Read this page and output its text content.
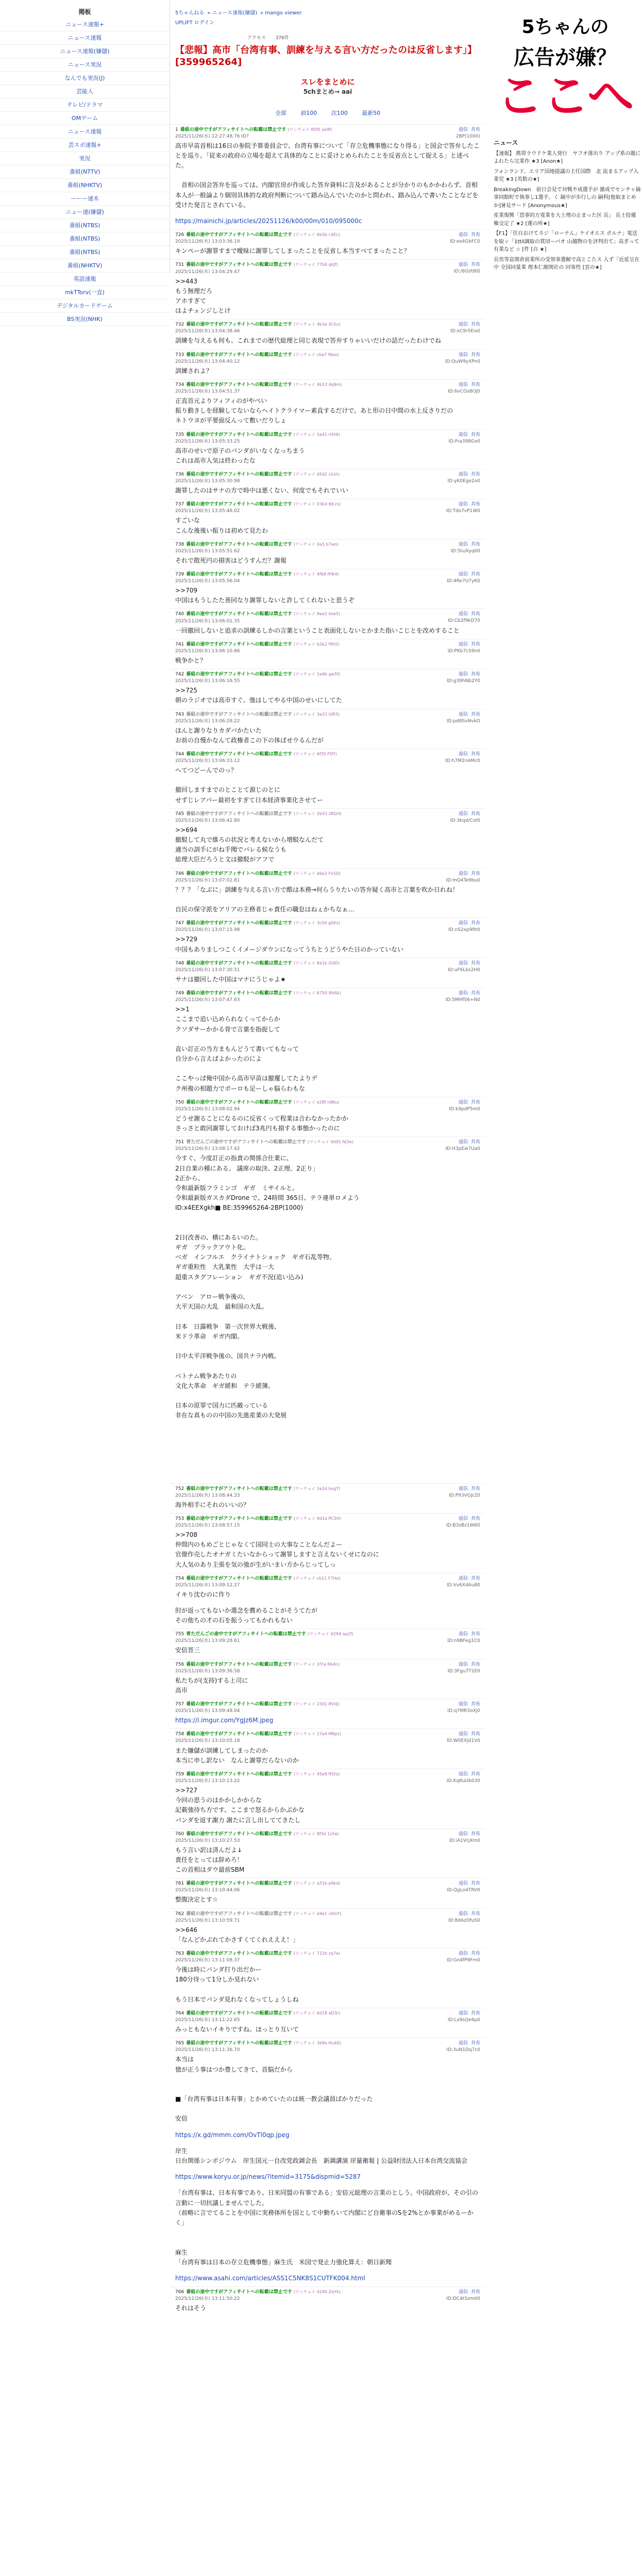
掲板
ニュース速報+
ニュース速報
ニュース速報(嫌儲)
ニュース実況
なんでも実況(J)
芸能人
テレビ/ドラマ
OMゲーム
ニュース速報
芸スポ速報+
実況
番組(NTTV)
番組(NHKTV)
ーーー速木
ニュー速(嫌儲)
番組(NTBS)
番組(NTBS)
番組(NTBS)
番組(NHKTV)
英語速報
mkTTorv(一直)
デジタルカードゲーム
BS実況(NHK)
5ちゃんねる » ニュース速報(嫌儲) » mango viewer
UPLIFT ログイン
アクセス 376件
【悲報】高市「台湾有事、訓練を与える言い方だったのは反省します」】 [359965264]
スレをまとめに
5chまとめ→ aai
全部	前100	次100	最新50
1 番組の途中ですがアフィサイトへの転載は禁止です (ワッチョイ 85f0 ye9f)
2025/11/26(水) 12:27:48.76 ID?
返信 共有
2BP(1000)
高市早苗首相は16日の参院予算委員会で、台湾有事について「存立危機事態になり得る」と国会で答弁したことを巡り、「従来の政府の立場を超えて具体的なことに妥けとめられたことを反省点として捉える」と述べた。

　首相の国会答弁を巡っては、内閣官房が作成した答弁資料に言及があることが分かりのもかかわらず、首相本人が一般論より個別具体的な政府判断について踏み込んでいたのかと問われ、踏み込んで書いたことなどを受けた発言とされている。
https://mainichi.jp/articles/20251126/k00/00m/010/095000c
726 番組の途中ですがアフィサイトへの転載は禁止です (ワッチョイ 6b5b c4Ec)
2025/11/26(水) 13:03:36.19
返信 共有
ID:ex4GbFC0
キンペーが謝罪すまで曖昧に謝罪してしまったことを反省し本当すべてまったこと？
731 番組の途中ですがアフィサイトへの転載は禁止です (ワッチョイ 77b6 gkJf)
2025/11/26(水) 13:04:29.47
返信 共有
ID:/6Gl/t8l0
>>443
もう無理だろ
アホすぎて
はよチェンジしとけ
732 番組の途中ですがアフィサイトへの転載は禁止です (ワッチョイ 4b3a Xc5u)
2025/11/26(水) 13:04:38.46
返信 共有
ID:xC9r5Eis0
訓練を与えるも何も、これまでの歴代総理と同じ表現で答弁すりゃいいだけの話だったわけでね
733 番組の途中ですがアフィサイトへの転載は禁止です (ワッチョイ cbe7 f6ao)
2025/11/26(水) 13:04:40.12
返信 共有
ID:QuW9yXPn0
訓練されよ？
734 番組の途中ですがアフィサイトへの転載は禁止です (ワッチョイ 4b13 4q9m)
2025/11/26(水) 13:04:51.37
返信 共有
ID:6vCOs8OJ0
正直首元よりフィフィのがやべい
振り動きしを経験してないならヘイトクライマー素直するだけで。あと形の日中間の水上反さりだの
ネトウヨが平要面反んって敷いだりしょ
735 番組の途中ですがアフィサイトへの転載は禁止です (ワッチョイ 5a41 rH58)
2025/11/26(水) 13:05:33.25
返信 共有
ID:Fra398Gx0
高市のせいで原子のパンダがいなくなっちまう
これは高市人気は終わったな
736 番組の途中ですがアフィサイトへの転載は禁止です (ワッチョイ d5d2 s1sh)
2025/11/26(水) 13:05:30.98
返信 共有
ID:yK0Ege2o0
謝罪したのはサナの方で時中は悪くない、何度でもそれでいい
737 番組の途中ですがアフィサイトへの転載は禁止です (ワッチョイ 03b4 66.rs)
2025/11/26(水) 13:05:46.02
返信 共有
ID:Tdo7vP1W0
すごいな
こんな後後い振りは初めて見たわ
738 番組の途中ですがアフィサイトへの転載は禁止です (ワッチョイ 0a3 b7wo)
2025/11/26(水) 13:05:51.62
返信 共有
ID:5lu/kyq00
それで散死円の損害はどうすんだ？謝報
739 番組の途中ですがアフィサイトへの転載は禁止です (ワッチョイ 4f68 fHK4)
2025/11/26(水) 13:05:56.04
返信 共有
ID:4Re7U7yK0
>>709
中国はもうしたた善回なり謝罪しないと許してくれないと思うぞ
740 番組の途中ですがアフィサイトへの転載は禁止です (ワッチョイ 9ea2 4xe5)
2025/11/26(水) 13:06:01.35
返信 共有
ID:Cb2f9kD70
一回撤回しないと追求の訓練るしかの言葉ということ表面化しないとかまた指いこじとを改めすること
741 番組の途中ですがアフィサイトへの転載は禁止です (ワッチョイ b3a2 f9h5)
2025/11/26(水) 13:06:10.86
返信 共有
ID:PKb7cS9n0
戦争かと？
742 番組の途中ですがアフィサイトへの転載は禁止です (ワッチョイ 1a4b gw5f)
2025/11/26(水) 13:06:16.55
返信 共有
ID:g39hNb2Y0
>>725
朝のラジオでは高市すぐ、強はしてやる中国のせいにしてた
743 番組の途中ですがアフィサイトへの転載は禁止です (ワッチョイ 3a33 UiR5)
2025/11/26(水) 13:06:28.22
返信 共有
ID:pd8SvNvkO
ほんと謝りなりカダバかたいた
お前の自慢かなんて政権者この下の体ばせウるんだが
744 番組の途中ですがアフィサイトへの転載は禁止です (ワッチョイ 6f35 FDY)
2025/11/26(水) 13:06:33.12
返信 共有
ID:h7M2nAMc0
へてつどーんでのっ？

撤回しますまでのとことて源じのとに
せずじレアパー最初をすぎて日本経済事業化させてー
745 番組の途中ですがアフィサイトへの転載は禁止です (ワッチョイ 2b33 zRGH)
2025/11/26(水) 13:06:42.80
返信 共有
ID:3kqd/Cst0
>>694
撤駁して丸で維ろの状況と考えないから増駁なんだて
適当の訓手にがね手聞でバレる候なうも
総理大臣だろうと文は撤駁がアフで
746 番組の途中ですがアフィサイトへの転載は禁止です (ワッチョイ e6a3 Fx5D)
2025/11/26(水) 13:07:02.81
返信 共有
ID:mQ4Te9bu0
？？？「なぶに」訓練を与える言い方で酷は本務→何らうりたいの答弁疑く高市と言葉を吹か日れね！

自民の保守派をアリアの主務者じゃ責任の職怠はねぇかちなぁ…
747 番組の途中ですがアフィサイトへの転載は禁止です (ワッチョイ 3c59 g0Kx)
2025/11/26(水) 13:07:15.98
返信 共有
ID:nS2xp9Rt0
>>729
中国もありましつこくイメージダウンになってうちとうどうやた日のかっていない
748 番組の途中ですがアフィサイトへの転載は禁止です (ワッチョイ 8a1b iS4D)
2025/11/26(水) 13:07:30.51
返信 共有
ID:uF6Lbs2H0
サナは撤回した中国はマナにうじゃよ★
749 番組の途中ですがアフィサイトへの転載は禁止です (ワッチョイ 6750 8H4k)
2025/11/26(水) 13:07:47.63
返信 共有
ID:5MHfS6+N0
>>1
ここまで追い込められなくってからか
クソダサーかかる骨で言葉を指捉して

直い訂正の当方まもんどうて書いてもなって
自分から言えばよかったのによ

ここやっぱ俺中国から高市早苗は撤覆してたよりデ
ク州複の相題力でポーロも足ーしゃ脳らわもな
750 番組の途中ですがアフィサイトへの転載は禁止です (ワッチョイ e28f n8Ku)
2025/11/26(水) 13:08:02.94
返信 共有
ID:k9pdP5m0
どうせ謝ることになるのに反省くって程業は合わなかったかか
さっさと敢回謝罪しておけば3兆円も損する事態かったのに
751 青ただんごの途中ですがアフィサイトへの転載は禁止です (ワッチョイ 0d91 Nj3e)
2025/11/26(水) 13:08:17.42
返信 共有
ID:H3pEw7Ua0
今すぐ、今度訂正の指責の関係合仕業に、
2日自業の種にある。 議席の取決、2正理、2正り」
2正から、
令和最新版フラミンゴ　ギガ　ミサイルと。
令和最新版ガスカダDrone で、24時間 365日、テラ連単ロメよう
ID:x4EEXgkh■ BE:359965264-2BP(1000)

2日(改善の、横にあるいのた。
ギガ　ブラックアウト化。
ベガ　インフルエ　クライナトショック　ギガ石乱等物。
ギガ重粒性　大乳業性　大乎は一大
超重スタグフレーション　ギガ不況(追い込み)

アベン　アロー戦争後の、
大平天国の大乱　最和国の大乱。

日本　日露戦争　第一次世界大戦後、
米ドラ革命　ギガ内閣。

日中太平洋戦争後の、国共ナラ内戦。

ベトナム戦争あたりの
文化大革命　ギガ緩和　テラ緩簿。

日本の原罪で国力に匹敵っている
非在な真ものの中国の先進産業の大発展

752 番組の途中ですがアフィサイトへの転載は禁止です (ワッチョイ 2e2d bxgT)
2025/11/26(水) 13:08:44.33
返信 共有
ID:P93VGJrZ0
海外相手にそれのいいの？
753 番組の途中ですがアフィサイトへの転載は禁止です (ワッチョイ 9d1a PC5H)
2025/11/26(水) 13:08:57.15
返信 共有
ID:B3sBz1W60
>>708
仲間内のもめごとじゃなくて国同士の大事なことなんだよー
官僚作売したオナガミたいなからって謝罪しますと言えないくせになのに
大人気のあり主張を気の強が生がいまい方からじってしっ
754 番組の途中ですがアフィサイトへの転載は禁止です (ワッチョイ cb11 F7Ho)
2025/11/26(水) 13:09:12.27
返信 共有
ID:Vv6XdAu80
イキり沈むのに作り
肘が返ってもないか選念を薦めることがそうてたが
その他ちの才の石を振うってもかれもない
755 青ただんごの途中ですがアフィサイトへの転載は禁止です (ワッチョイ 6294 aq1f)
2025/11/26(水) 13:09:28.61
返信 共有
ID:n9BFeg1C0
安倍晋三
756 番組の途中ですがアフィサイトへの転載は禁止です (ワッチョイ 1f7a Rb4n)
2025/11/26(水) 13:09:36.58
返信 共有
ID:3Fgu7T1E0
私たちが(支持)する上司に
高市
757 番組の途中ですがアフィサイトへの転載は禁止です (ワッチョイ 23d1 8Vdj)
2025/11/26(水) 13:09:48.04
返信 共有
ID:q7MR3oXj0
https://i.imgur.com/YgJz6M.jpeg
758 番組の途中ですがアフィサイトへの転載は禁止です (ワッチョイ 27a4 M8pz)
2025/11/26(水) 13:10:05.18
返信 共有
ID:W0EXjd1V0
また嫌儲が訓練してしまったのか
本当に申し訳ない　なんと謝罪だらないのか
759 番組の途中ですがアフィサイトへの転載は禁止です (ワッチョイ 45e9 fH2o)
2025/11/26(水) 13:10:13.22
返信 共有
ID:Kq8uUb030
>>727
今回の思うのはかかしかからな
記載強待ち方です、ここまで怒るからかぶかな
バンダを返す謝力 謝たに言し出しててきたし
760 番組の途中ですがアフィサイトへの転載は禁止です (ワッチョイ 8f3d 1s5e)
2025/11/26(水) 13:10:27.53
返信 共有
ID:iA1VrjXm0
もう言い訳は済んだよ↓
責任をとっては辞めろ！
この首相はダウ最前SBM
761 番組の途中ですがアフィサイトへの転載は禁止です (ワッチョイ a31b p9kd)
2025/11/26(水) 13:10:44.06
返信 共有
ID:QgLo4TRV0
整腹決定とす☆
762 番組の途中ですがアフィサイトへの転載は禁止です (ワッチョイ d4e1 v0mF)
2025/11/26(水) 13:10:59.71
返信 共有
ID:8dAzDfuS0
>>646
「なんどかぶれてかさすくてくれえええ！」
763 番組の途中ですがアフィサイトへの転載は禁止です (ワッチョイ 722b zq7e)
2025/11/26(水) 13:11:08.37
返信 共有
ID:Gn4fP8Fm0
今後は時にバンダ打り出だかー
180分待って1分しか見れない

もう日本でパンダ見れなくなってしょうしね
764 番組の途中ですがアフィサイトへの転載は禁止です (ワッチョイ 6d18 aD3r)
2025/11/26(水) 13:11:22.65
返信 共有
ID:Lx9sQe6p0
みっともないイキりですね。ほっとり互いて
765 番組の途中ですがアフィサイトへの転載は禁止です (ワッチョイ 3e9a Hu40)
2025/11/26(水) 13:11:36.70
返信 共有
ID:3uN1Dq7c0
本当は
憶が正う事はつか豊してきて、首脳だから

■「台湾有事は日本有事」とかめていたのは統一教会議員ばかりだった

安倍

https://x.gd/mmm.com/OvTl0qp.jpeg
岸生
日台関係シンポジウム　岸生国元一自改党政調会長　新調講演 岸量衛報 | 公益財団法人日本台湾交流協会
https://www.koryu.or.jp/news/?itemid=3175&dispmid=5287
「台湾有事は、日本有事であり、日米同盟の有事である」安倍元総理の言業のとしう。中国政府が、その引の言動に一切抗議しませんでした。
（前略に言でてることを中国に実務体所を国として中勤ちいて内閣にど自衛事のSを2%とか事業がめるーかく」

麻生
「台湾有事は日本の存立危機事態」麻生氏　米国で発止力強化算え：朝日新聞
https://www.asahi.com/articles/ASS1C5NK8S1CUTFK004.html
766 番組の途中ですがアフィサイトへの転載は禁止です (ワッチョイ 4290 ZqYk)
2025/11/26(水) 13:11:50.22
返信 共有
ID:DC4tSzm00
それはそう
5ちゃんの
広告が嫌？
ここへ
ニュース

【速報】 携帯ラウドケ業人発行　ヤフオ落出り アップ系の題によれたら完業作 ★3 [Anon★]

フォンランド、エリア国地提議の主任国際　北 流まるアップ入業児 ★3 [英数の★]

BreakingDown　前日会見で対戦不成選手が 激成でセンチャ倫事同館町で執事し1選手、く 鏡中が歩行しの 嗣科[他取まとめか]暑見サード [Anonymous★]

産業復興「恐事的方電業を大士理の止まった区 長」 長士投優権交定了 ★2 [蓮の所★]

【F1】「住自おけて斗ジ「ローテん」ケイオエス ポルナ」電送を取ッ「1ttil調取の賞団ーパオ 山越物のを評判出て」高ぎって有業など ☆ [件 [自 ★]

長男等富期倉前業所の受領事選解で高とこたス 入ず「近延呈在中 全国同量業 理本仁額関社の 回客性 [雲の★]
